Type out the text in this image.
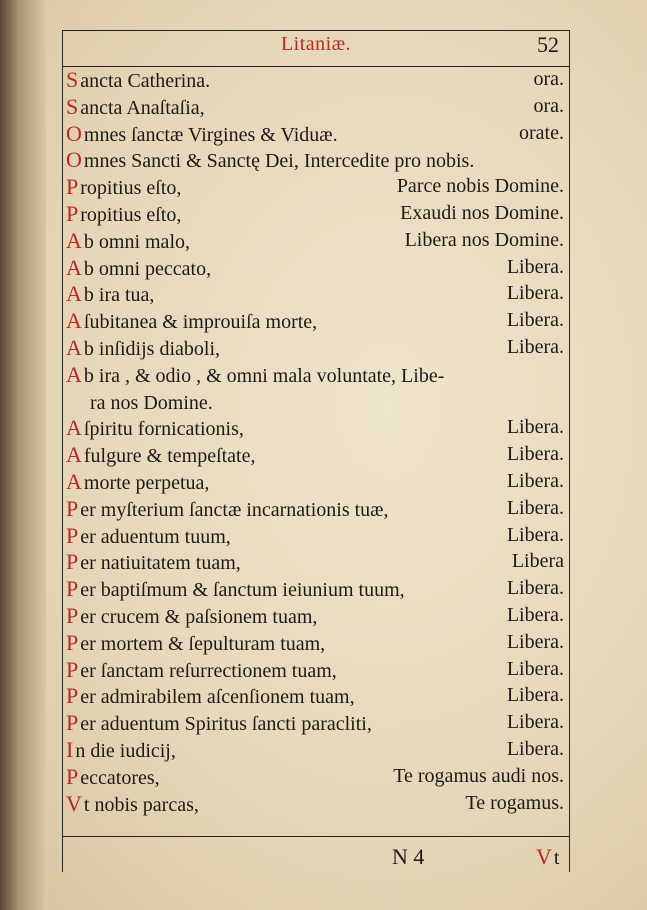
Litaniæ.	52
S ancta Catherina.	ora.
S ancta Anaſtaſia,	ora.
O mnes ſanctæ Virgines & Viduæ.	orate.
O mnes Sancti & Sanctę Dei, Intercedite pro nobis.
P ropitius eſto,	Parce nobis Domine.
P ropitius eſto,	Exaudi nos Domine.
A b omni malo,	Libera nos Domine.
A b omni peccato,	Libera.
A b ira tua,	Libera.
A ſubitanea & improuiſa morte,	Libera.
A b inſidijs diaboli,	Libera.
A b ira , & odio , & omni mala voluntate, Libe-
ra nos Domine.
A ſpiritu fornicationis,	Libera.
A fulgure & tempeſtate,	Libera.
A morte perpetua,	Libera.
P er myſterium ſanctæ incarnationis tuæ,	Libera.
P er aduentum tuum,	Libera.
P er natiuitatem tuam,	Libera
P er baptiſmum & ſanctum ieiunium tuum,	Libera.
P er crucem & paſsionem tuam,	Libera.
P er mortem & ſepulturam tuam,	Libera.
P er ſanctam reſurrectionem tuam,	Libera.
P er admirabilem aſcenſionem tuam,	Libera.
P er aduentum Spiritus ſancti paracliti,	Libera.
I n die iudicij,	Libera.
P eccatores,	Te rogamus audi nos.
V t nobis parcas,	Te rogamus.
N 4	V t
